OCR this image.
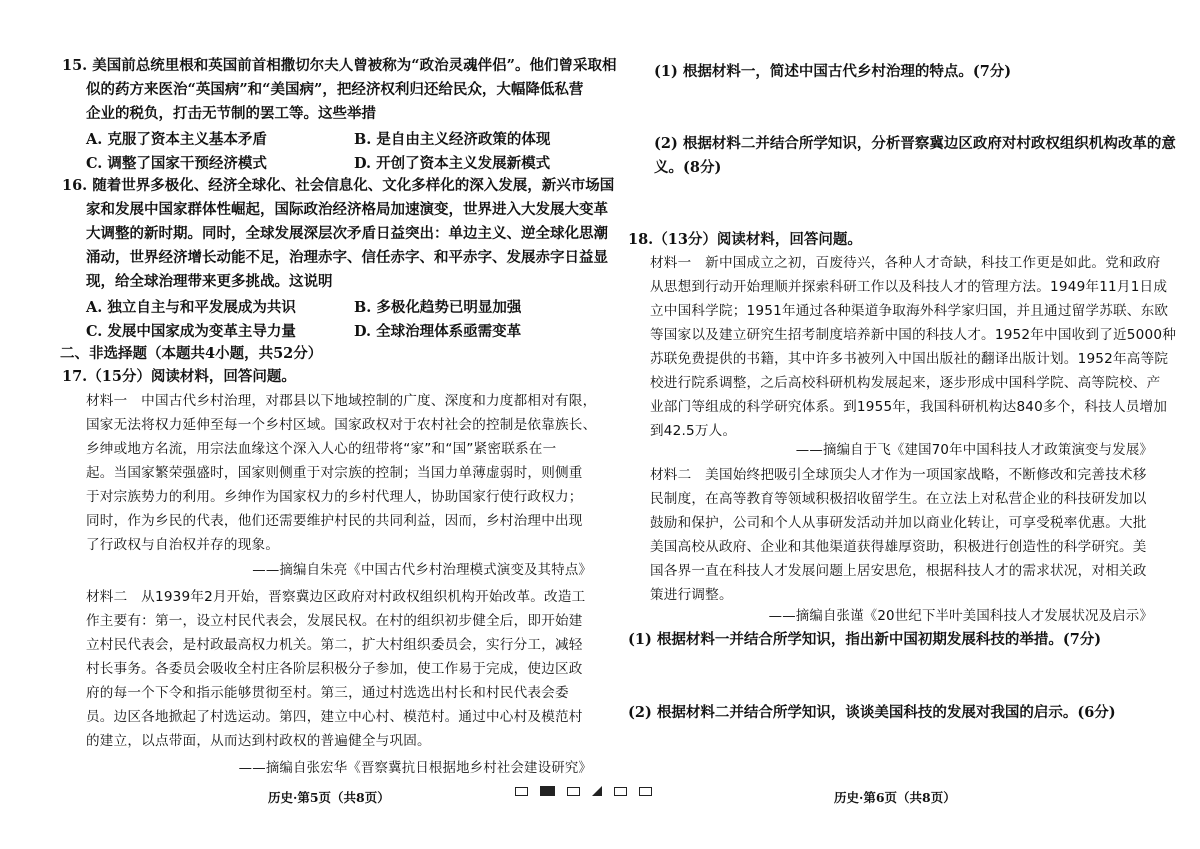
15. 美国前总统里根和英国前首相撒切尔夫人曾被称为“政治灵魂伴侣”。他们曾采取相
似的药方来医治“英国病”和“美国病”，把经济权利归还给民众，大幅降低私营
企业的税负，打击无节制的罢工等。这些举措
A. 克服了资本主义基本矛盾	B. 是自由主义经济政策的体现
C. 调整了国家干预经济模式	D. 开创了资本主义发展新模式
16. 随着世界多极化、经济全球化、社会信息化、文化多样化的深入发展，新兴市场国
家和发展中国家群体性崛起，国际政治经济格局加速演变，世界进入大发展大变革
大调整的新时期。同时，全球发展深层次矛盾日益突出：单边主义、逆全球化思潮
涌动，世界经济增长动能不足，治理赤字、信任赤字、和平赤字、发展赤字日益显
现，给全球治理带来更多挑战。这说明
A. 独立自主与和平发展成为共识	B. 多极化趋势已明显加强
C. 发展中国家成为变革主导力量	D. 全球治理体系亟需变革
二、非选择题（本题共4小题，共52分）
17.（15分）阅读材料，回答问题。
材料一　中国古代乡村治理，对郡县以下地域控制的广度、深度和力度都相对有限，
国家无法将权力延伸至每一个乡村区域。国家政权对于农村社会的控制是依靠族长、
乡绅或地方名流，用宗法血缘这个深入人心的纽带将“家”和“国”紧密联系在一
起。当国家繁荣强盛时，国家则侧重于对宗族的控制；当国力单薄虚弱时，则侧重
于对宗族势力的利用。乡绅作为国家权力的乡村代理人，协助国家行使行政权力；
同时，作为乡民的代表，他们还需要维护村民的共同利益，因而，乡村治理中出现
了行政权与自治权并存的现象。
——摘编自朱亮《中国古代乡村治理模式演变及其特点》
材料二　从1939年2月开始，晋察冀边区政府对村政权组织机构开始改革。改造工
作主要有：第一，设立村民代表会，发展民权。在村的组织初步健全后，即开始建
立村民代表会，是村政最高权力机关。第二，扩大村组织委员会，实行分工，减轻
村长事务。各委员会吸收全村庄各阶层积极分子参加，使工作易于完成，使边区政
府的每一个下令和指示能够贯彻至村。第三，通过村选选出村长和村民代表会委
员。边区各地掀起了村选运动。第四，建立中心村、模范村。通过中心村及模范村
的建立，以点带面，从而达到村政权的普遍健全与巩固。
——摘编自张宏华《晋察冀抗日根据地乡村社会建设研究》
历史·第5页（共8页）
(1) 根据材料一，简述中国古代乡村治理的特点。(7分)
(2) 根据材料二并结合所学知识，分析晋察冀边区政府对村政权组织机构改革的意
义。(8分)
18.（13分）阅读材料，回答问题。
材料一　新中国成立之初，百废待兴，各种人才奇缺，科技工作更是如此。党和政府
从思想到行动开始理顺并探索科研工作以及科技人才的管理方法。1949年11月1日成
立中国科学院；1951年通过各种渠道争取海外科学家归国，并且通过留学苏联、东欧
等国家以及建立研究生招考制度培养新中国的科技人才。1952年中国收到了近5000种
苏联免费提供的书籍，其中许多书被列入中国出版社的翻译出版计划。1952年高等院
校进行院系调整，之后高校科研机构发展起来，逐步形成中国科学院、高等院校、产
业部门等组成的科学研究体系。到1955年，我国科研机构达840多个，科技人员增加
到42.5万人。
——摘编自于飞《建国70年中国科技人才政策演变与发展》
材料二　美国始终把吸引全球顶尖人才作为一项国家战略，不断修改和完善技术移
民制度，在高等教育等领域积极招收留学生。在立法上对私营企业的科技研发加以
鼓励和保护，公司和个人从事研发活动并加以商业化转让，可享受税率优惠。大批
美国高校从政府、企业和其他渠道获得雄厚资助，积极进行创造性的科学研究。美
国各界一直在科技人才发展问题上居安思危，根据科技人才的需求状况，对相关政
策进行调整。
——摘编自张谨《20世纪下半叶美国科技人才发展状况及启示》
(1) 根据材料一并结合所学知识，指出新中国初期发展科技的举措。(7分)
(2) 根据材料二并结合所学知识，谈谈美国科技的发展对我国的启示。(6分)
历史·第6页（共8页）
